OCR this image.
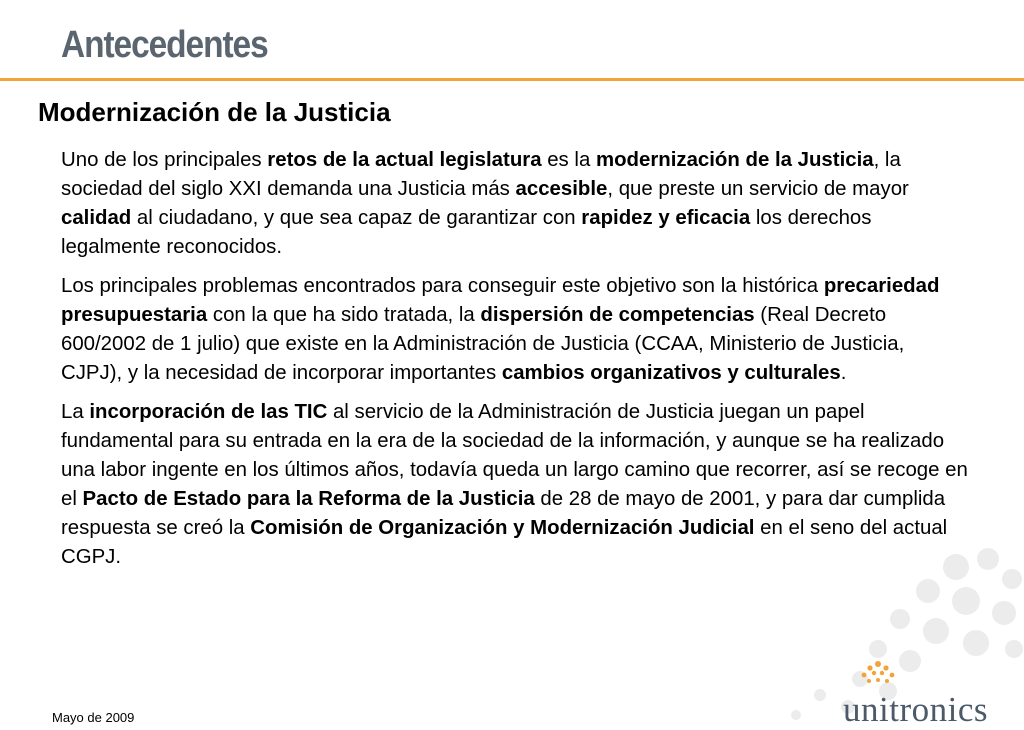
Antecedentes
Modernización de la Justicia

Uno de los principales retos de la actual legislatura es la modernización de la Justicia, la sociedad del siglo XXI demanda una Justicia más accesible, que preste un servicio de mayor calidad al ciudadano, y que sea capaz de garantizar con rapidez y eficacia los derechos legalmente reconocidos.

Los principales problemas encontrados para conseguir este objetivo son la histórica precariedad presupuestaria con la que ha sido tratada, la dispersión de competencias (Real Decreto 600/2002 de 1 julio) que existe en la Administración de Justicia (CCAA, Ministerio de Justicia, CJPJ), y la necesidad de incorporar importantes cambios organizativos y culturales.

La incorporación de las TIC al servicio de la Administración de Justicia juegan un papel fundamental para su entrada en la era de la sociedad de la información, y aunque se ha realizado una labor ingente en los últimos años, todavía queda un largo camino que recorrer, así se recoge en el Pacto de Estado para la Reforma de la Justicia de 28 de mayo de 2001, y para dar cumplida respuesta se creó la Comisión de Organización y Modernización Judicial en el seno del actual CGPJ.

unitronics

Mayo de 2009
